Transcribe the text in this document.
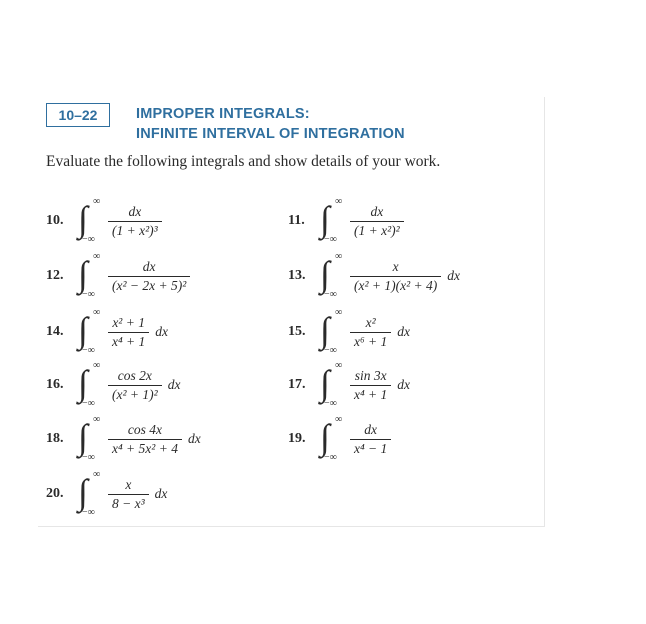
10–22	IMPROPER INTEGRALS:
INFINITE INTERVAL OF INTEGRATION
Evaluate the following integrals and show details of your work.
10. ∫ ∞
−∞
$\frac{dx}{\text{(1 + x²)³}}$	11. ∫ ∞
−∞
$\frac{dx}{\text{(1 + x²)²}}$
12. ∫ ∞
−∞
$\frac{dx}{\text{(x² − 2x + 5)²}}$	13. ∫ ∞
−∞
$\frac{x}{\text{(x² + 1)(x² + 4)}}$ dx
14. ∫ ∞
−∞
$\frac{\text{x² + 1}}{\text{x⁴ + 1}}$ dx	15. ∫ ∞
−∞
$\frac{\text{x²}}{\text{x⁶ + 1}}$ dx
16. ∫ ∞
−∞
$\frac{\cos 2x}{\text{(x² + 1)²}}$ dx	17. ∫ ∞
−∞
$\frac{\sin 3x}{\text{x⁴ + 1}}$ dx
18. ∫ ∞
−∞
$\frac{\cos 4x}{\text{x⁴ + 5x² + 4}}$ dx	19. ∫ ∞
−∞
$\frac{dx}{\text{x⁴ − 1}}$
20. ∫ ∞
−∞
$\frac{x}{\text{8 − x³}}$ dx
